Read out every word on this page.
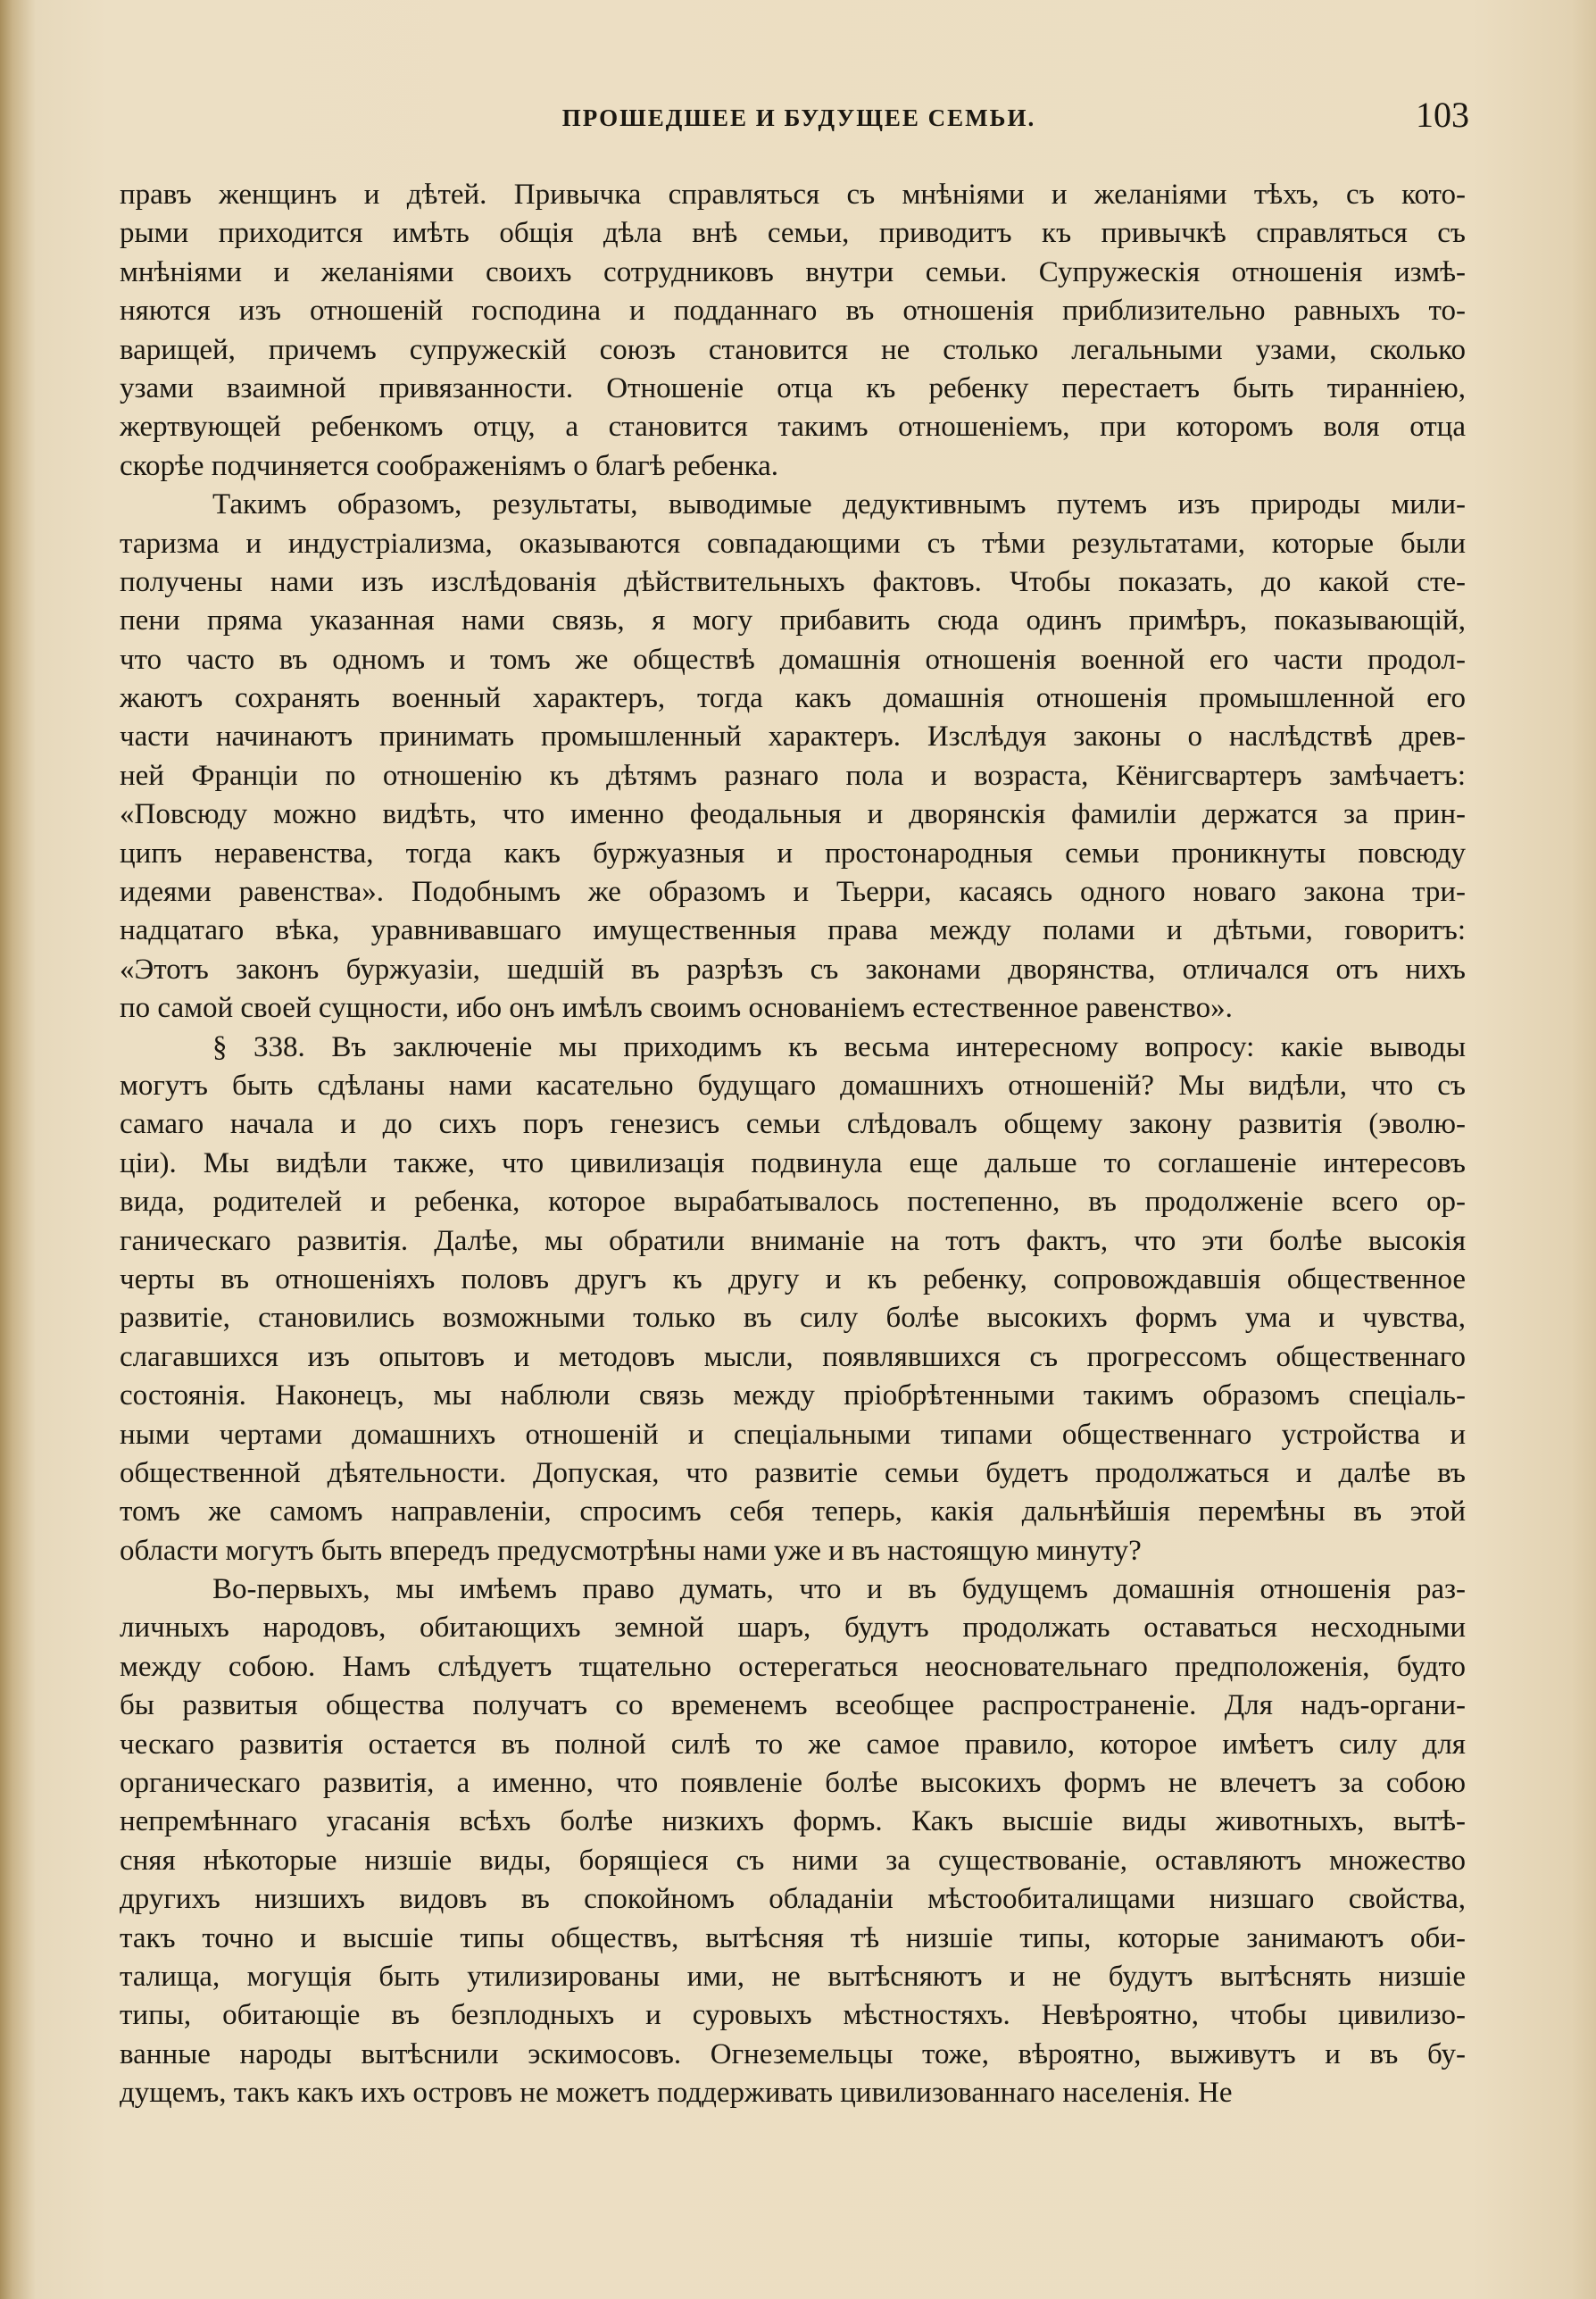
ПРОШЕДШЕЕ И БУДУЩЕЕ СЕМЬИ.	103
правъ женщинъ и дѣтей. Привычка справляться съ мнѣніями и желаніями тѣхъ, съ кото-
рыми приходится имѣть общія дѣла внѣ семьи, приводитъ къ привычкѣ справляться съ
мнѣніями и желаніями своихъ сотрудниковъ внутри семьи. Супружескія отношенія измѣ-
няются изъ отношеній господина и подданнаго въ отношенія приблизительно равныхъ то-
варищей, причемъ супружескій союзъ становится не столько легальными узами, сколько
узами взаимной привязанности. Отношеніе отца къ ребенку перестаетъ быть тиранніею,
жертвующей ребенкомъ отцу, а становится такимъ отношеніемъ, при которомъ воля отца
скорѣе подчиняется соображеніямъ о благѣ ребенка.
Такимъ образомъ, результаты, выводимые дедуктивнымъ путемъ изъ природы мили-
таризма и индустріализма, оказываются совпадающими съ тѣми результатами, которые были
получены нами изъ изслѣдованія дѣйствительныхъ фактовъ. Чтобы показать, до какой сте-
пени пряма указанная нами связь, я могу прибавить сюда одинъ примѣръ, показывающій,
что часто въ одномъ и томъ же обществѣ домашнія отношенія военной его части продол-
жаютъ сохранять военный характеръ, тогда какъ домашнія отношенія промышленной его
части начинаютъ принимать промышленный характеръ. Изслѣдуя законы о наслѣдствѣ древ-
ней Франціи по отношенію къ дѣтямъ разнаго пола и возраста, Кёнигсвартеръ замѣчаетъ:
«Повсюду можно видѣть, что именно феодальныя и дворянскія фамиліи держатся за прин-
ципъ неравенства, тогда какъ буржуазныя и простонародныя семьи проникнуты повсюду
идеями равенства». Подобнымъ же образомъ и Тьерри, касаясь одного новаго закона три-
надцатаго вѣка, уравнивавшаго имущественныя права между полами и дѣтьми, говоритъ:
«Этотъ законъ буржуазіи, шедшій въ разрѣзъ съ законами дворянства, отличался отъ нихъ
по самой своей сущности, ибо онъ имѣлъ своимъ основаніемъ естественное равенство».
§ 338. Въ заключеніе мы приходимъ къ весьма интересному вопросу: какіе выводы
могутъ быть сдѣланы нами касательно будущаго домашнихъ отношеній? Мы видѣли, что съ
самаго начала и до сихъ поръ генезисъ семьи слѣдовалъ общему закону развитія (эволю-
ціи). Мы видѣли также, что цивилизація подвинула еще дальше то соглашеніе интересовъ
вида, родителей и ребенка, которое вырабатывалось постепенно, въ продолженіе всего ор-
ганическаго развитія. Далѣе, мы обратили вниманіе на тотъ фактъ, что эти болѣе высокія
черты въ отношеніяхъ половъ другъ къ другу и къ ребенку, сопровождавшія общественное
развитіе, становились возможными только въ силу болѣе высокихъ формъ ума и чувства,
слагавшихся изъ опытовъ и методовъ мысли, появлявшихся съ прогрессомъ общественнаго
состоянія. Наконецъ, мы наблюли связь между пріобрѣтенными такимъ образомъ спеціаль-
ными чертами домашнихъ отношеній и спеціальными типами общественнаго устройства и
общественной дѣятельности. Допуская, что развитіе семьи будетъ продолжаться и далѣе въ
томъ же самомъ направленіи, спросимъ себя теперь, какія дальнѣйшія перемѣны въ этой
области могутъ быть впередъ предусмотрѣны нами уже и въ настоящую минуту?
Во-первыхъ, мы имѣемъ право думать, что и въ будущемъ домашнія отношенія раз-
личныхъ народовъ, обитающихъ земной шаръ, будутъ продолжать оставаться несходными
между собою. Намъ слѣдуетъ тщательно остерегаться неосновательнаго предположенія, будто
бы развитыя общества получатъ со временемъ всеобщее распространеніе. Для надъ-органи-
ческаго развитія остается въ полной силѣ то же самое правило, которое имѣетъ силу для
органическаго развитія, а именно, что появленіе болѣе высокихъ формъ не влечетъ за собою
непремѣннаго угасанія всѣхъ болѣе низкихъ формъ. Какъ высшіе виды животныхъ, вытѣ-
сняя нѣкоторые низшіе виды, борящіеся съ ними за существованіе, оставляютъ множество
другихъ низшихъ видовъ въ спокойномъ обладаніи мѣстообиталищами низшаго свойства,
такъ точно и высшіе типы обществъ, вытѣсняя тѣ низшіе типы, которые занимаютъ оби-
талища, могущія быть утилизированы ими, не вытѣсняютъ и не будутъ вытѣснять низшіе
типы, обитающіе въ безплодныхъ и суровыхъ мѣстностяхъ. Невѣроятно, чтобы цивилизо-
ванные народы вытѣснили эскимосовъ. Огнеземельцы тоже, вѣроятно, выживутъ и въ бу-
дущемъ, такъ какъ ихъ островъ не можетъ поддерживать цивилизованнаго населенія. Не
